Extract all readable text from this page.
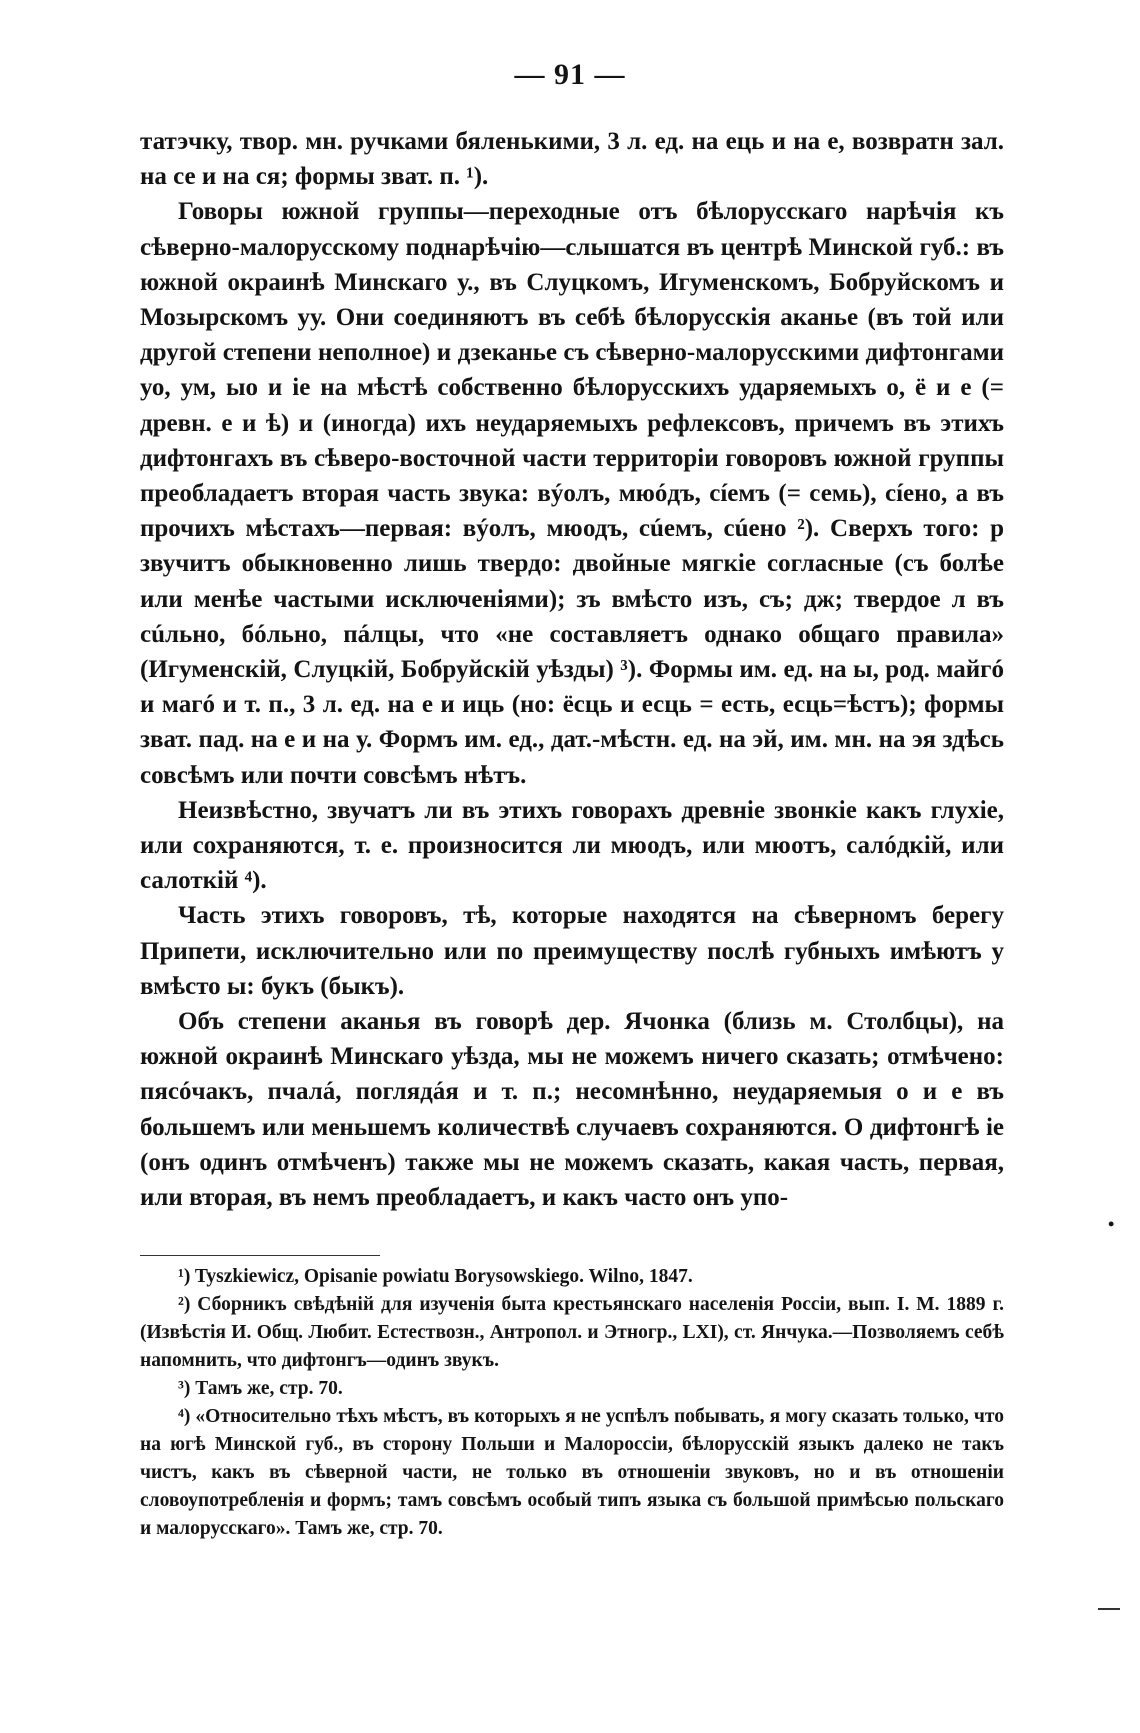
— 91 —

татэчку, твор. мн. ручками бяленькими, 3 л. ед. на ець и на е, возвратн зал. на се и на ся; формы зват. п. ¹).

Говоры южной группы—переходные отъ бѣлорусскаго нарѣчія къ сѣверно-малорусскому поднарѣчію—слышатся въ центрѣ Минской губ.: въ южной окраинѣ Минскаго у., въ Слуцкомъ, Игуменскомъ, Бобруйскомъ и Мозырскомъ уу. Они соединяютъ въ себѣ бѣлорусскія аканье (въ той или другой степени неполное) и дзеканье съ сѣверно-малорусскими дифтонгами уо, ум, ыо и ie на мѣстѣ собственно бѣлорусскихъ ударяемыхъ о, ё и е (= древн. е и ѣ) и (иногда) ихъ неударяемыхъ рефлексовъ, причемъ въ этихъ дифтонгахъ въ сѣверо-восточной части территоріи говоровъ южной группы преобладаетъ вторая часть звука: вýолъ, мюóдъ, сíемъ (= семь), сíено, а въ прочихъ мѣстахъ—первая: вýолъ, мюодъ, сúемъ, сúено ²). Сверхъ того: р звучитъ обыкновенно лишь твердо: двойные мягкіе согласные (съ болѣе или менѣе частыми исключеніями); зъ вмѣсто изъ, съ; дж; твердое л въ сúльно, бóльно, пáлцы, что «не составляетъ однако общаго правила» (Игуменскій, Слуцкій, Бобруйскій уѣзды) ³). Формы им. ед. на ы, род. майгó и магó и т. п., 3 л. ед. на е и иць (но: ёсць и есць = есть, есць=ѣстъ); формы зват. пад. на е и на у. Формъ им. ед., дат.-мѣстн. ед. на эй, им. мн. на эя здѣсь совсѣмъ или почти совсѣмъ нѣтъ.

Неизвѣстно, звучатъ ли въ этихъ говорахъ древніе звонкіе какъ глухіе, или сохраняются, т. е. произносится ли мюодъ, или мюотъ, салóдкій, или салоткій ⁴).

Часть этихъ говоровъ, тѣ, которые находятся на сѣверномъ берегу Припети, исключительно или по преимуществу послѣ губныхъ имѣютъ у вмѣсто ы: букъ (быкъ).

Объ степени аканья въ говорѣ дер. Ячонка (близь м. Столбцы), на южной окраинѣ Минскаго уѣзда, мы не можемъ ничего сказать; отмѣчено: пясóчакъ, пчалá, поглядáя и т. п.; несомнѣнно, неударяемыя о и е въ большемъ или меньшемъ количествѣ случаевъ сохраняются. О дифтонгѣ ie (онъ одинъ отмѣченъ) также мы не можемъ сказать, какая часть, первая, или вторая, въ немъ преобладаетъ, и какъ часто онъ упо-

¹) Tyszkiewicz, Opisanie powiatu Borysowskiego. Wilno, 1847.

²) Сборникъ свѣдѣній для изученія быта крестьянскаго населенія Россіи, вып. I. М. 1889 г. (Извѣстія И. Общ. Любит. Естествозн., Антропол. и Этногр., LXI), ст. Янчука.—Позволяемъ себѣ напомнить, что дифтонгъ—одинъ звукъ.

³) Тамъ же, стр. 70.

⁴) «Относительно тѣхъ мѣстъ, въ которыхъ я не успѣлъ побывать, я могу сказать только, что на югѣ Минской губ., въ сторону Польши и Малороссіи, бѣлорусскій языкъ далеко не такъ чистъ, какъ въ сѣверной части, не только въ отношеніи звуковъ, но и въ отношеніи словоупотребленія и формъ; тамъ совсѣмъ особый типъ языка съ большой примѣсью польскаго и малорусскаго». Тамъ же, стр. 70.

•
